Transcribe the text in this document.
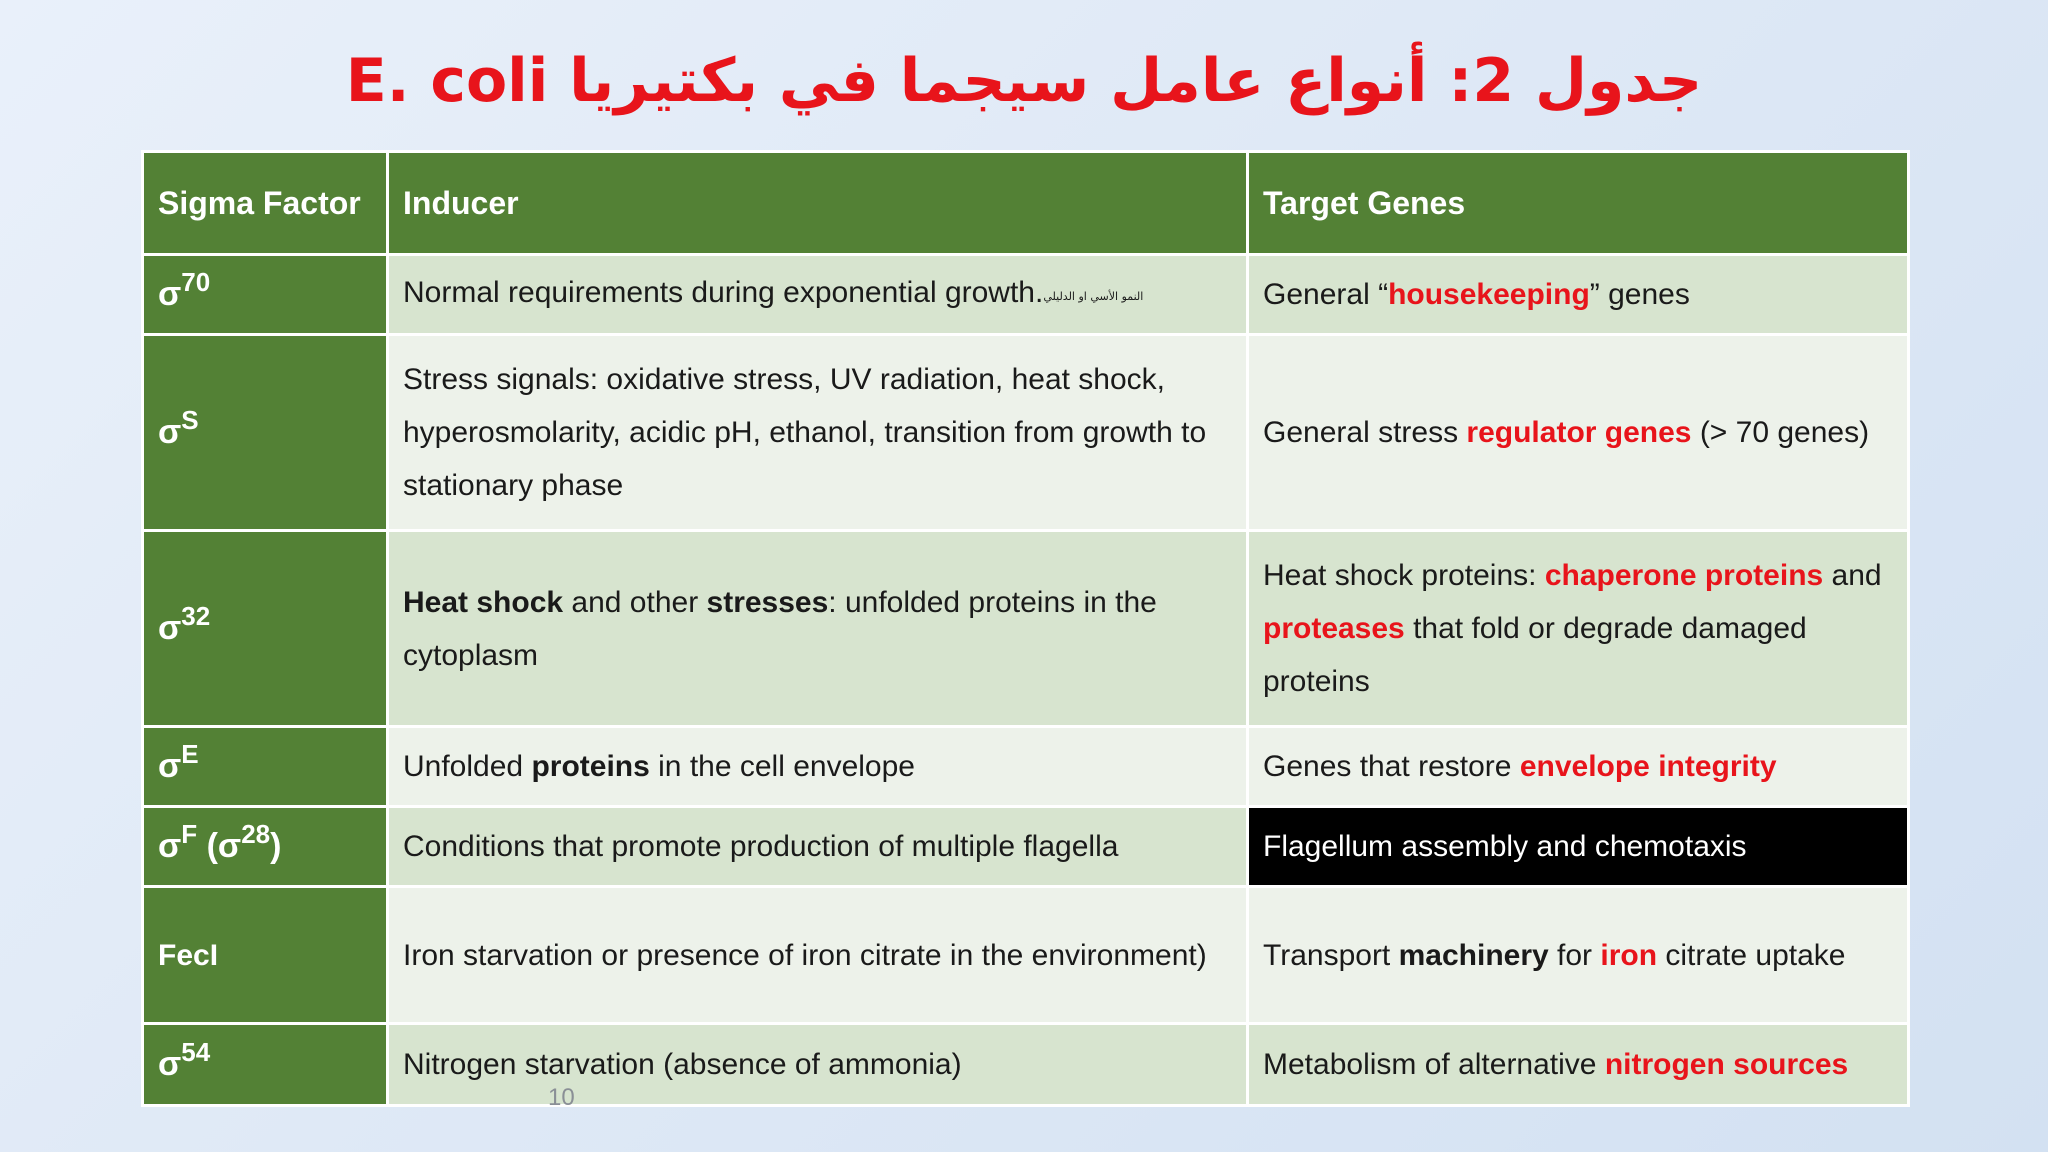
جدول 2: أنواع عامل سيجما في بكتيريا E. coli
Sigma Factor	Inducer	Target Genes
$\sigma^{70}$	Normal requirements during exponential growth.النمو الأسي او الدليلي	General “housekeeping” genes
$\sigma^S$	Stress signals: oxidative stress, UV radiation, heat shock, hyperosmolarity, acidic pH, ethanol, transition from growth to stationary phase	General stress regulator genes (> 70 genes)
$\sigma^{32}$	Heat shock and other stresses: unfolded proteins in the cytoplasm	Heat shock proteins: chaperone proteins and proteases that fold or degrade damaged proteins
$\sigma^E$	Unfolded proteins in the cell envelope	Genes that restore envelope integrity
$\sigma^F$ $(\sigma^{28})$	Conditions that promote production of multiple flagella	Flagellum assembly and chemotaxis
FecI	Iron starvation or presence of iron citrate in the environment)	Transport machinery for iron citrate uptake
$\sigma^{54}$	Nitrogen starvation (absence of ammonia)	Metabolism of alternative nitrogen sources
10
